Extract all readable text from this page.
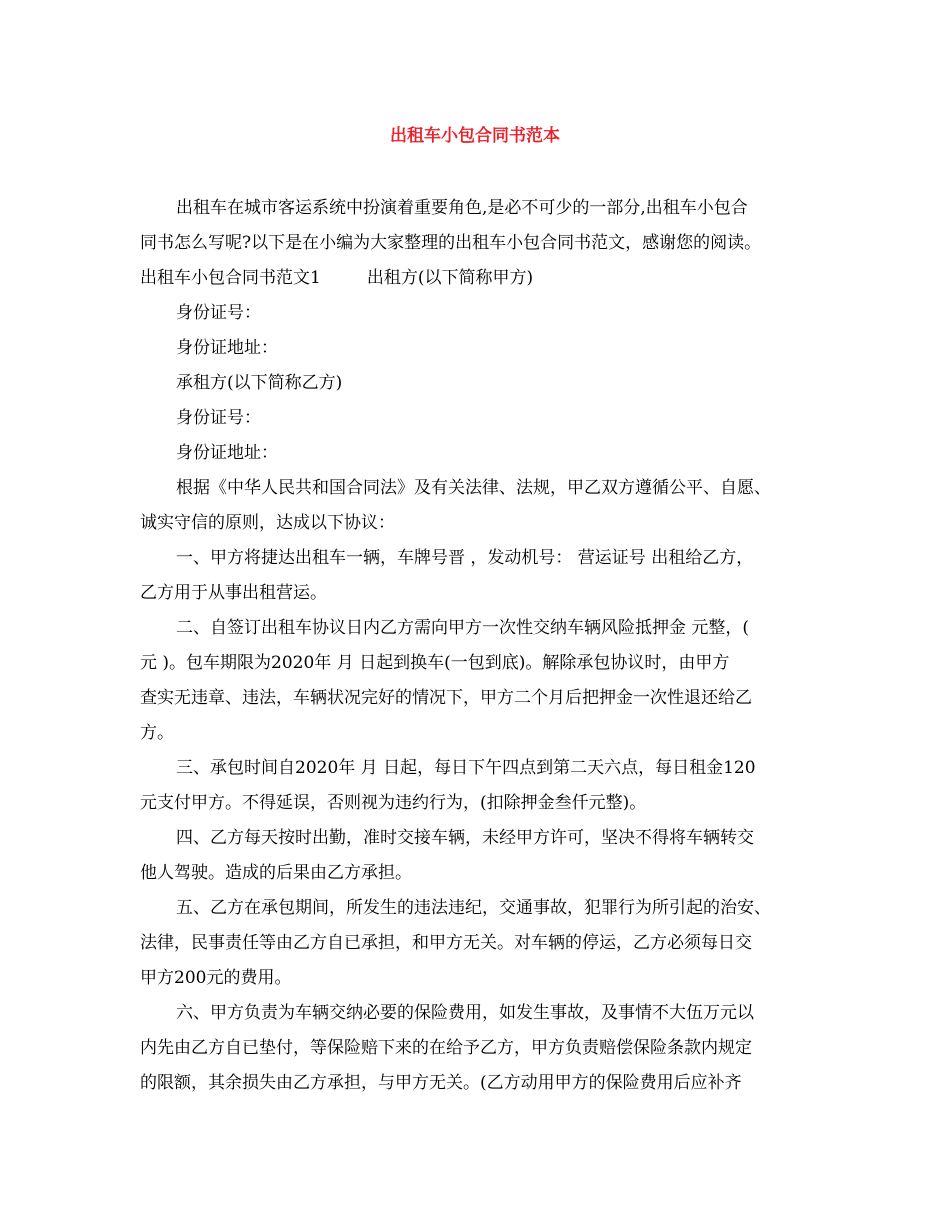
出租车小包合同书范本
出租车在城市客运系统中扮演着重要角色,是必不可少的一部分,出租车小包合
同书怎么写呢?以下是在小编为大家整理的出租车小包合同书范文，感谢您的阅读。
出租车小包合同书范文1	出租方(以下简称甲方)
身份证号：
身份证地址：
承租方(以下简称乙方)
身份证号：
身份证地址：
根据《中华人民共和国合同法》及有关法律、法规，甲乙双方遵循公平、自愿、
诚实守信的原则，达成以下协议：
一、甲方将捷达出租车一辆，车牌号晋 ，发动机号： 营运证号 出租给乙方，
乙方用于从事出租营运。
二、自签订出租车协议日内乙方需向甲方一次性交纳车辆风险抵押金 元整，(
元 )。包车期限为2020年 月 日起到换车(一包到底)。解除承包协议时，由甲方
查实无违章、违法，车辆状况完好的情况下，甲方二个月后把押金一次性退还给乙
方。
三、承包时间自2020年 月 日起，每日下午四点到第二天六点，每日租金120
元支付甲方。不得延误，否则视为违约行为，(扣除押金叁仟元整)。
四、乙方每天按时出勤，准时交接车辆，未经甲方许可，坚决不得将车辆转交
他人驾驶。造成的后果由乙方承担。
五、乙方在承包期间，所发生的违法违纪，交通事故，犯罪行为所引起的治安、
法律，民事责任等由乙方自已承担，和甲方无关。对车辆的停运，乙方必须每日交
甲方200元的费用。
六、甲方负责为车辆交纳必要的保险费用，如发生事故，及事情不大伍万元以
内先由乙方自已垫付，等保险赔下来的在给予乙方，甲方负责赔偿保险条款内规定
的限额，其余损失由乙方承担，与甲方无关。(乙方动用甲方的保险费用后应补齐
